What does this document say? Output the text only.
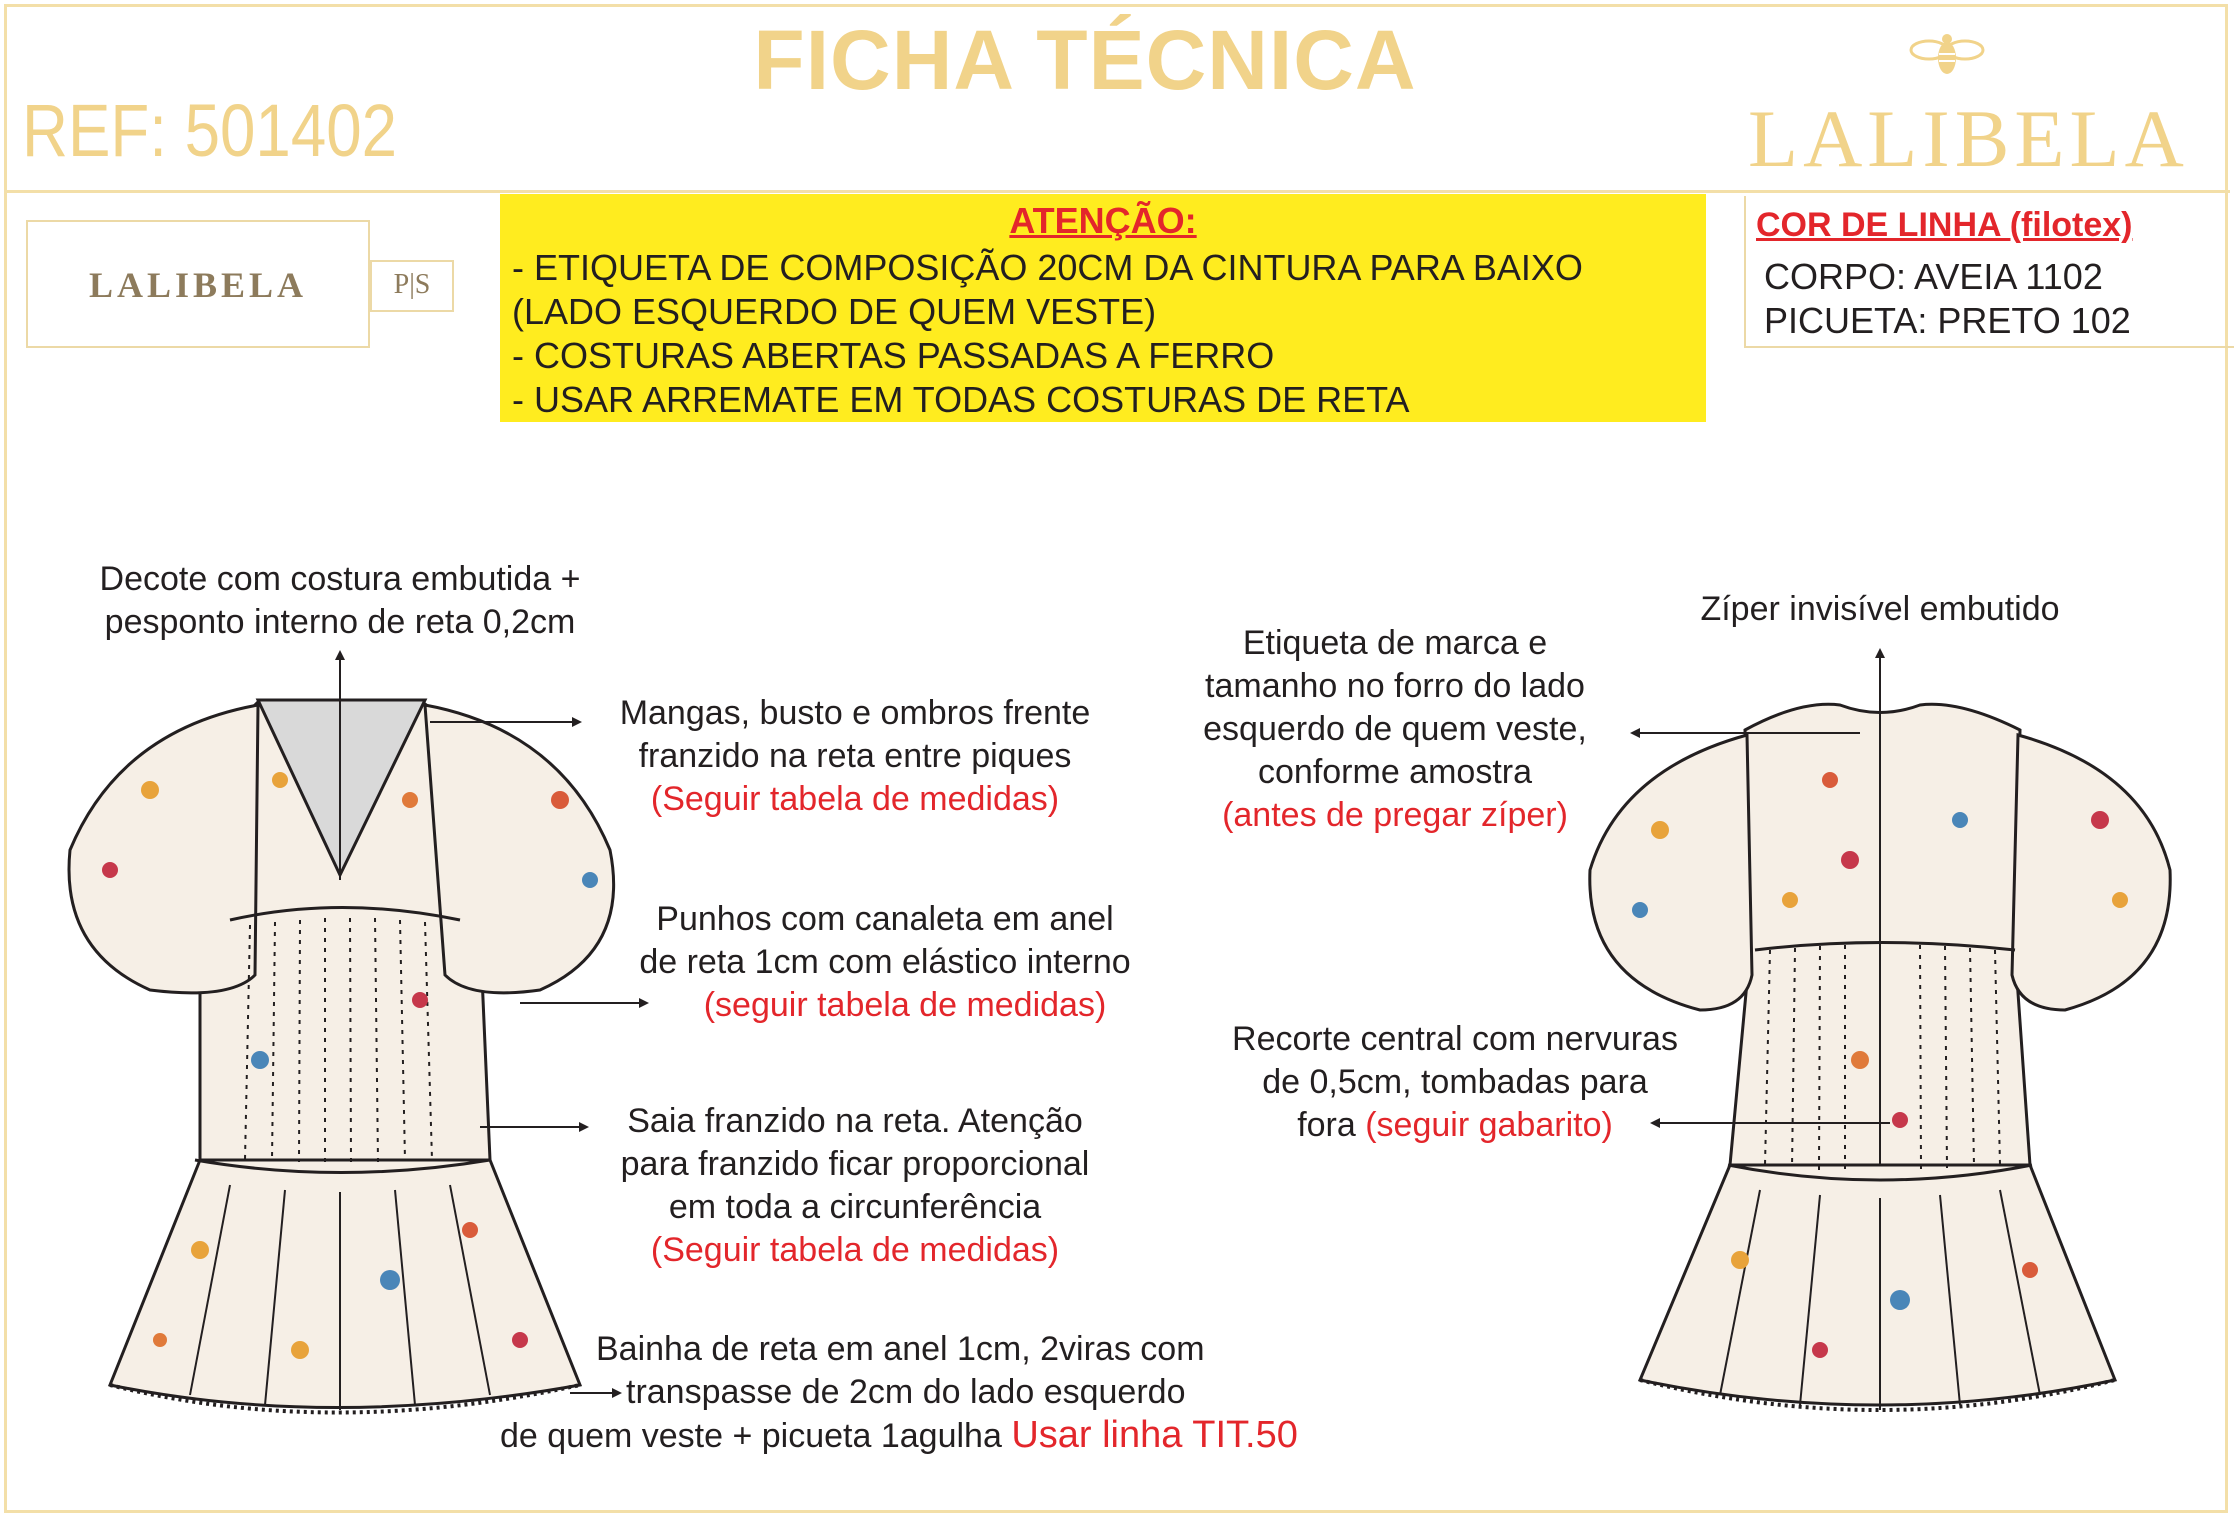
FICHA TÉCNICA
REF: 501402	LALIBELA
LALIBELA	P|S
ATENÇÃO:
- ETIQUETA DE COMPOSIÇÃO 20CM DA CINTURA PARA BAIXO
(LADO ESQUERDO DE QUEM VESTE)
- COSTURAS ABERTAS PASSADAS A FERRO
- USAR ARREMATE EM TODAS COSTURAS DE RETA
COR DE LINHA (filotex)
CORPO: AVEIA 1102
PICUETA: PRETO 102
Decote com costura embutida +
pesponto interno de reta 0,2cm
Mangas, busto e ombros frente
franzido na reta entre piques
(Seguir tabela de medidas)
Punhos com canaleta em anel
de reta 1cm com elástico interno
(seguir tabela de medidas)
Saia franzido na reta. Atenção
para franzido ficar proporcional
em toda a circunferência
(Seguir tabela de medidas)
Bainha de reta em anel 1cm, 2viras com
transpasse de 2cm do lado esquerdo
de quem veste + picueta 1agulha Usar linha TIT.50
Zíper invisível embutido
Etiqueta de marca e
tamanho no forro do lado
esquerdo de quem veste,
conforme amostra
(antes de pregar zíper)
Recorte central com nervuras
de 0,5cm, tombadas para
fora (seguir gabarito)
